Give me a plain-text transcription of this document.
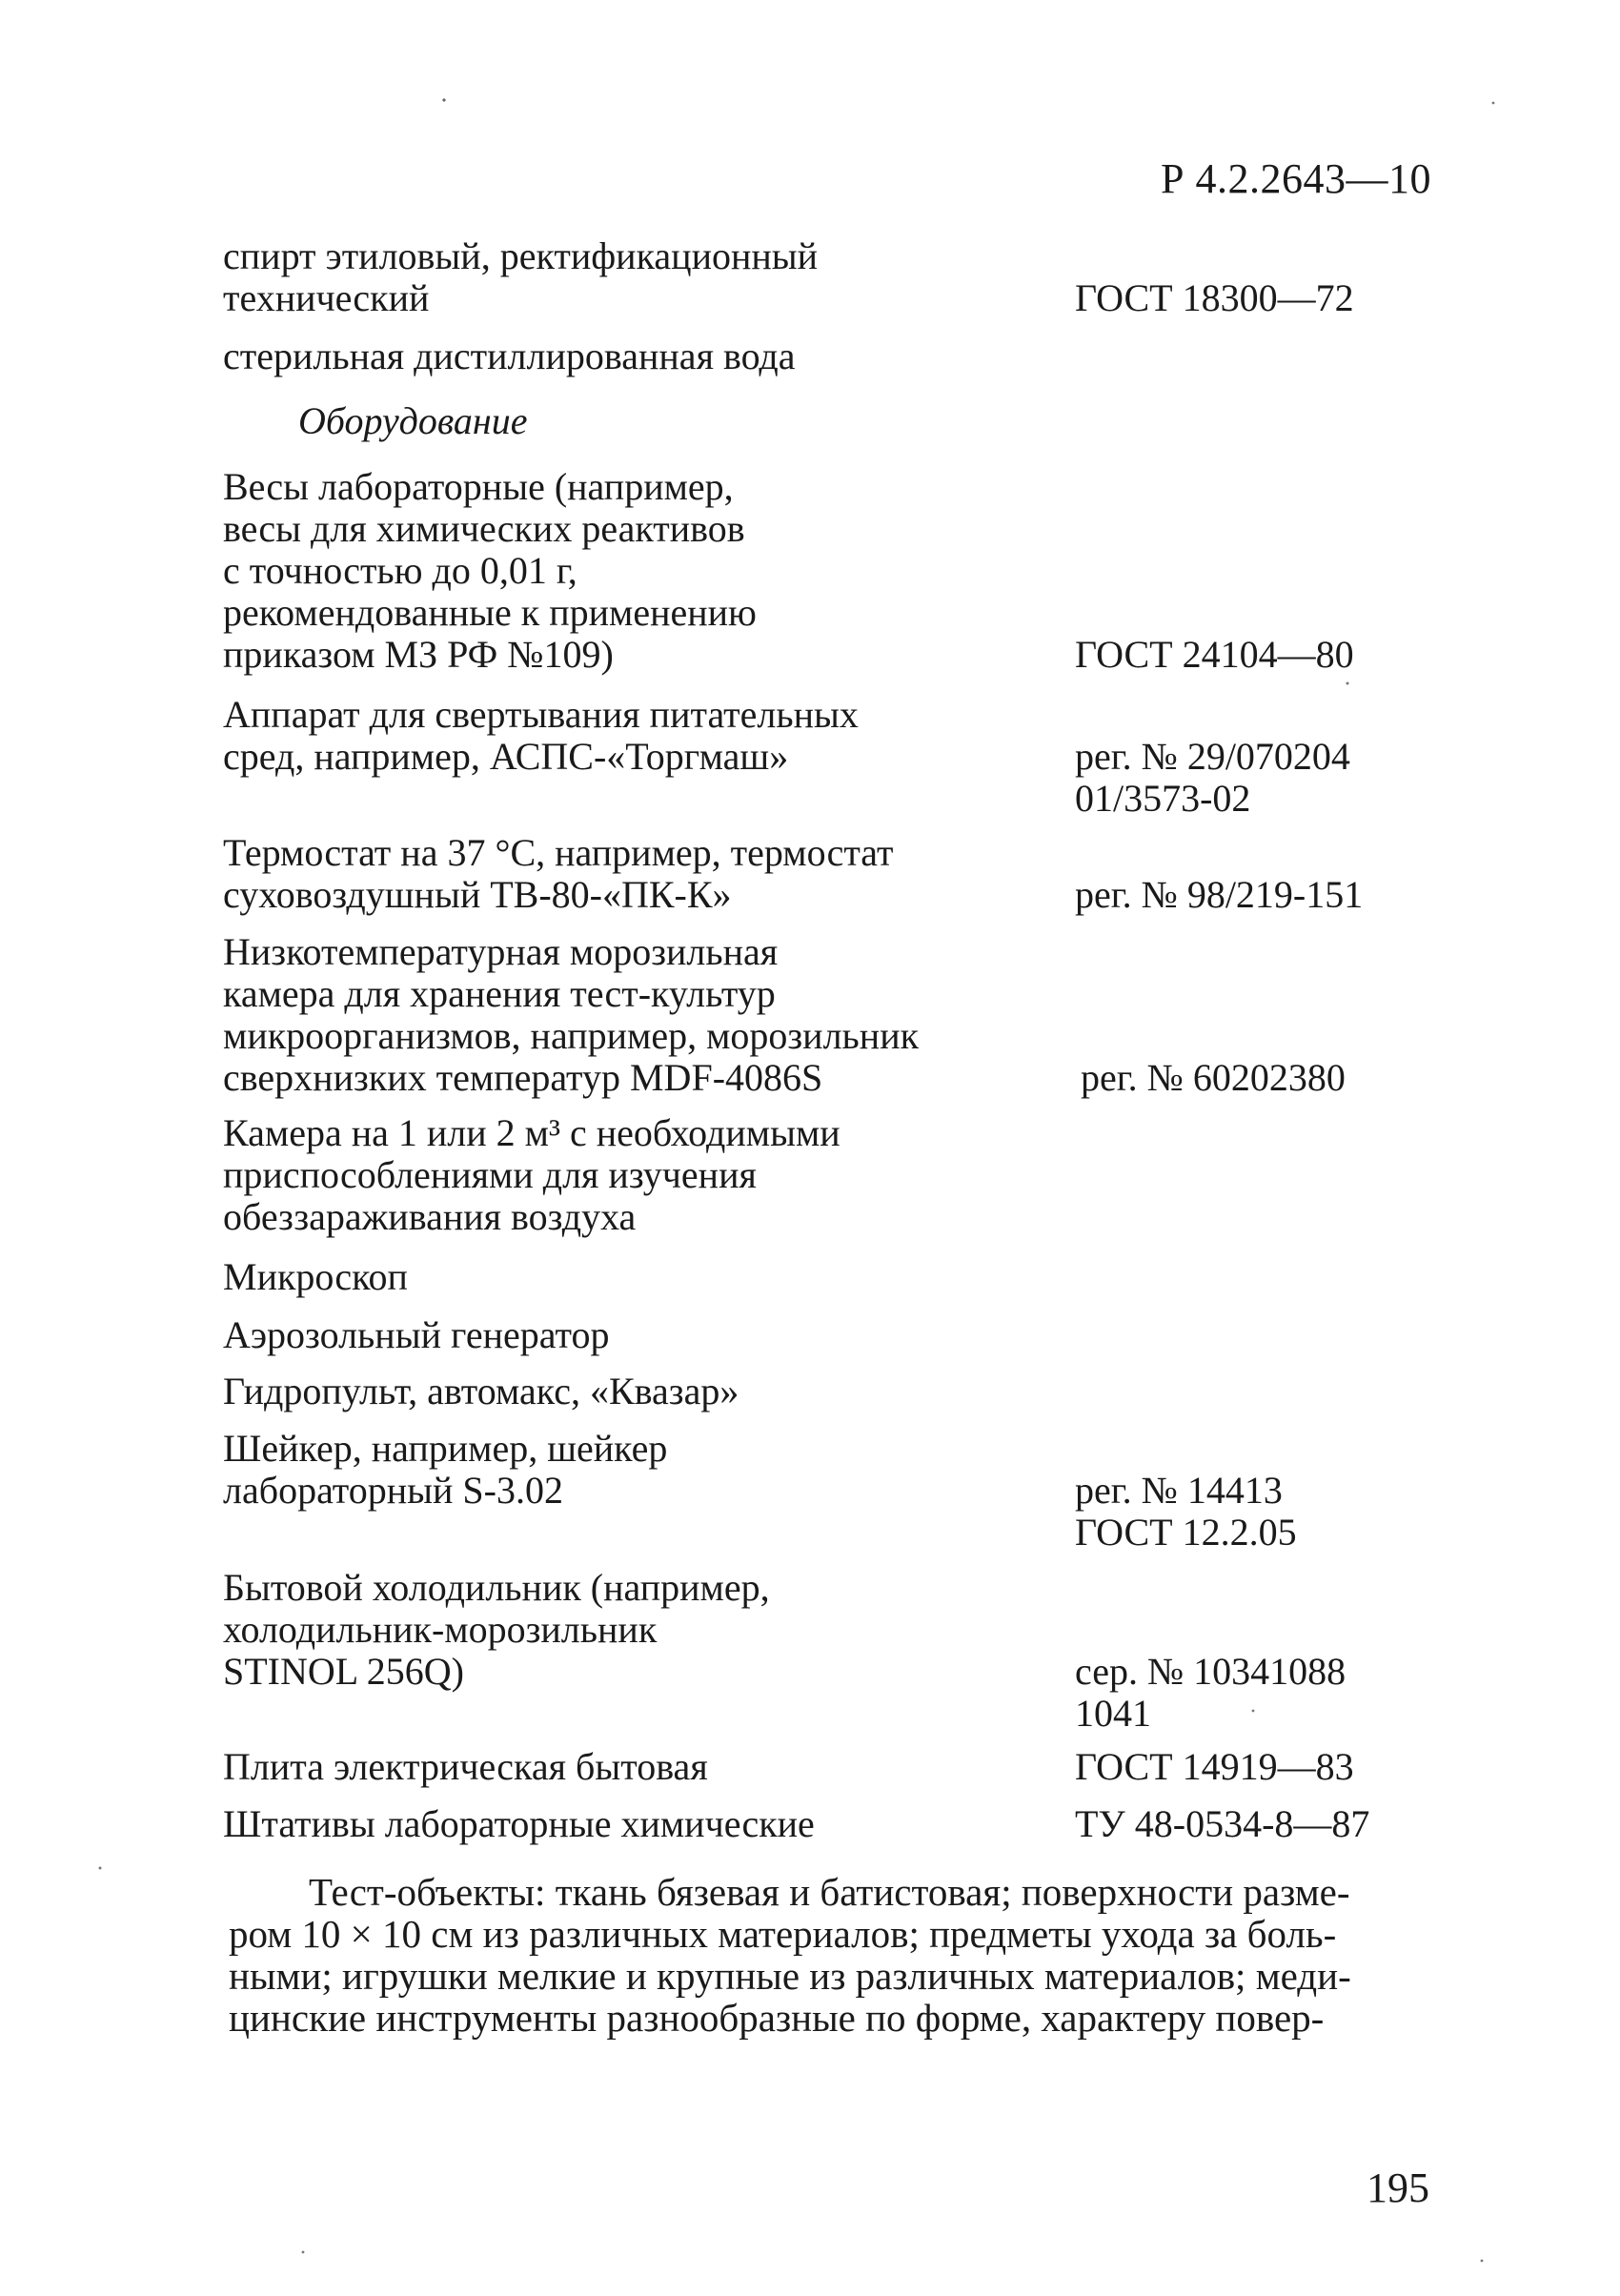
Р 4.2.2643—10
спирт этиловый, ректификационный
технический	ГОСТ 18300—72
стерильная дистиллированная вода
Оборудование
Весы лабораторные (например,
весы для химических реактивов
с точностью до 0,01 г,
рекомендованные к применению
приказом МЗ РФ №109)	ГОСТ 24104—80
Аппарат для свертывания питательных
сред, например, АСПС-«Торгмаш»	рег. № 29/070204
01/3573-02
Термостат на 37 °С, например, термостат
суховоздушный ТВ-80-«ПК-К»	рег. № 98/219-151
Низкотемпературная морозильная
камера для хранения тест-культур
микроорганизмов, например, морозильник
сверхнизких температур MDF-4086S	рег. № 60202380
Камера на 1 или 2 м³ с необходимыми
приспособлениями для изучения
обеззараживания воздуха
Микроскоп
Аэрозольный генератор
Гидропульт, автомакс, «Квазар»
Шейкер, например, шейкер
лабораторный S-3.02	рег. № 14413
ГОСТ 12.2.05
Бытовой холодильник (например,
холодильник-морозильник
STINOL 256Q)	сер. № 10341088
1041
Плита электрическая бытовая	ГОСТ 14919—83
Штативы лабораторные химические	ТУ 48-0534-8—87
Тест-объекты: ткань бязевая и батистовая; поверхности разме-
ром 10 × 10 см из различных материалов; предметы ухода за боль-
ными; игрушки мелкие и крупные из различных материалов; меди-
цинские инструменты разнообразные по форме, характеру повер-
195
